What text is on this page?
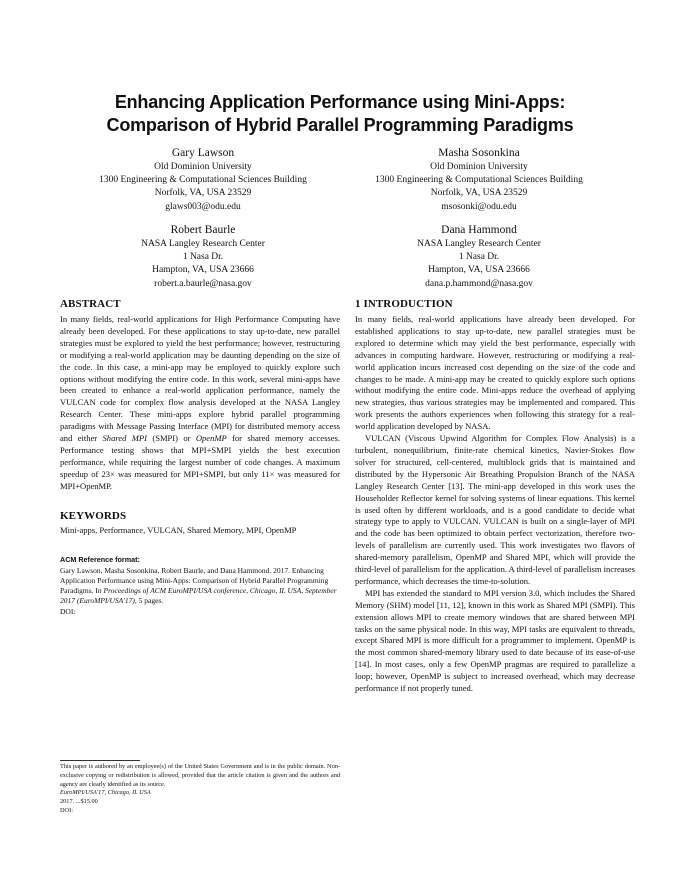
Enhancing Application Performance using Mini-Apps:
Comparison of Hybrid Parallel Programming Paradigms
Gary Lawson
Old Dominion University
1300 Engineering & Computational Sciences Building
Norfolk, VA, USA 23529
glaws003@odu.edu
Masha Sosonkina
Old Dominion University
1300 Engineering & Computational Sciences Building
Norfolk, VA, USA 23529
msosonki@odu.edu
Robert Baurle
NASA Langley Research Center
1 Nasa Dr.
Hampton, VA, USA 23666
robert.a.baurle@nasa.gov
Dana Hammond
NASA Langley Research Center
1 Nasa Dr.
Hampton, VA, USA 23666
dana.p.hammond@nasa.gov
ABSTRACT

In many fields, real-world applications for High Performance Computing have already been developed. For these applications to stay up-to-date, new parallel strategies must be explored to yield the best performance; however, restructuring or modifying a real-world application may be daunting depending on the size of the code. In this case, a mini-app may be employed to quickly explore such options without modifying the entire code. In this work, several mini-apps have been created to enhance a real-world application performance, namely the VULCAN code for complex flow analysis developed at the NASA Langley Research Center. These mini-apps explore hybrid parallel programming paradigms with Message Passing Interface (MPI) for distributed memory access and either Shared MPI (SMPI) or OpenMP for shared memory accesses. Performance testing shows that MPI+SMPI yields the best execution performance, while requiring the largest number of code changes. A maximum speedup of 23× was measured for MPI+SMPI, but only 11× was measured for MPI+OpenMP.

KEYWORDS

Mini-apps, Performance, VULCAN, Shared Memory, MPI, OpenMP

ACM Reference format:

Gary Lawson, Masha Sosonkina, Robert Baurle, and Dana Hammond. 2017. Enhancing Application Performance using Mini-Apps: Comparison of Hybrid Parallel Programming Paradigms. In Proceedings of ACM EuroMPI/USA conference, Chicago, IL USA, September 2017 (EuroMPI/USA'17), 5 pages.

DOI:

This paper is authored by an employee(s) of the United States Government and is in the public domain. Non-exclusive copying or redistribution is allowed, provided that the article citation is given and the authors and agency are clearly identified as its source.
EuroMPI/USA'17, Chicago, IL USA
2017. ...$15.00
DOI:
1 INTRODUCTION

In many fields, real-world applications have already been developed. For established applications to stay up-to-date, new parallel strategies must be explored to determine which may yield the best performance, especially with advances in computing hardware. However, restructuring or modifying a real-world application incurs increased cost depending on the size of the code and changes to be made. A mini-app may be created to quickly explore such options without modifying the entire code. Mini-apps reduce the overhead of applying new strategies, thus various strategies may be implemented and compared. This work presents the authors experiences when following this strategy for a real-world application developed by NASA.

VULCAN (Viscous Upwind Algorithm for Complex Flow Analysis) is a turbulent, nonequilibrium, finite-rate chemical kinetics, Navier-Stokes flow solver for structured, cell-centered, multiblock grids that is maintained and distributed by the Hypersonic Air Breathing Propulsion Branch of the NASA Langley Research Center [13]. The mini-app developed in this work uses the Householder Reflector kernel for solving systems of linear equations. This kernel is used often by different workloads, and is a good candidate to decide what strategy type to apply to VULCAN. VULCAN is built on a single-layer of MPI and the code has been optimized to obtain perfect vectorization, therefore two-levels of parallelism are currently used. This work investigates two flavors of shared-memory parallelism, OpenMP and Shared MPI, which will provide the third-level of parallelism for the application. A third-level of parallelism increases performance, which decreases the time-to-solution.

MPI has extended the standard to MPI version 3.0, which includes the Shared Memory (SHM) model [11, 12], known in this work as Shared MPI (SMPI). This extension allows MPI to create memory windows that are shared between MPI tasks on the same physical node. In this way, MPI tasks are equivalent to threads, except Shared MPI is more difficult for a programmer to implement. OpenMP is the most common shared-memory library used to date because of its ease-of-use [14]. In most cases, only a few OpenMP pragmas are required to parallelize a loop; however, OpenMP is subject to increased overhead, which may decrease performance if not properly tuned.
